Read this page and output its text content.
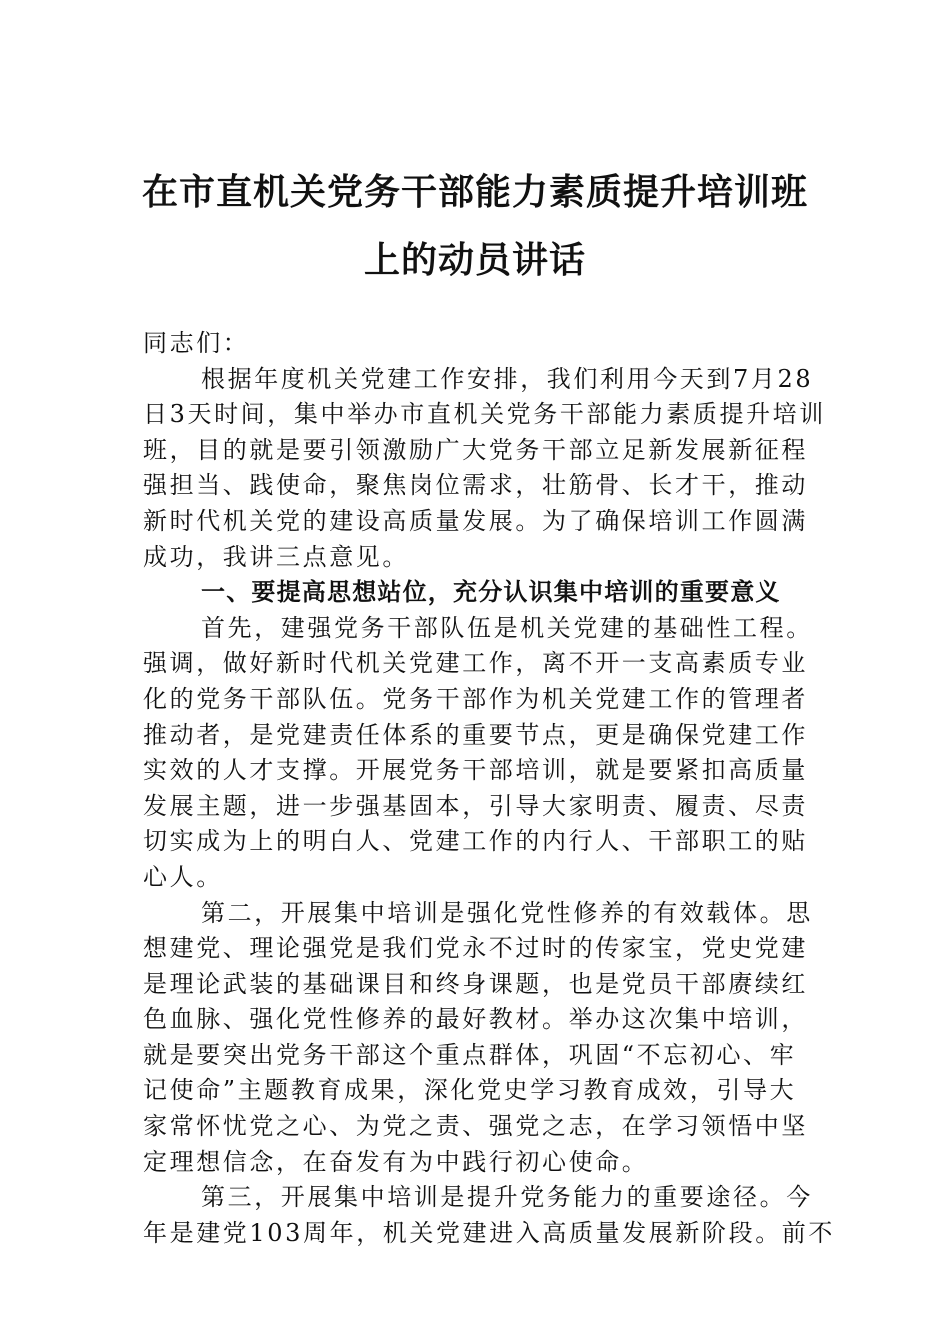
在市直机关党务干部能力素质提升培训班
上的动员讲话
同志们：
根据年度机关党建工作安排，我们利用今天到7月28
日3天时间，集中举办市直机关党务干部能力素质提升培训
班，目的就是要引领激励广大党务干部立足新发展新征程
强担当、践使命，聚焦岗位需求，壮筋骨、长才干，推动
新时代机关党的建设高质量发展。为了确保培训工作圆满
成功，我讲三点意见。
一、要提高思想站位，充分认识集中培训的重要意义
首先，建强党务干部队伍是机关党建的基础性工程。
强调，做好新时代机关党建工作，离不开一支高素质专业
化的党务干部队伍。党务干部作为机关党建工作的管理者
推动者，是党建责任体系的重要节点，更是确保党建工作
实效的人才支撑。开展党务干部培训，就是要紧扣高质量
发展主题，进一步强基固本，引导大家明责、履责、尽责
切实成为上的明白人、党建工作的内行人、干部职工的贴
心人。
第二，开展集中培训是强化党性修养的有效载体。思
想建党、理论强党是我们党永不过时的传家宝，党史党建
是理论武装的基础课目和终身课题，也是党员干部赓续红
色血脉、强化党性修养的最好教材。举办这次集中培训，
就是要突出党务干部这个重点群体，巩固“不忘初心、牢
记使命”主题教育成果，深化党史学习教育成效，引导大
家常怀忧党之心、为党之责、强党之志，在学习领悟中坚
定理想信念，在奋发有为中践行初心使命。
第三，开展集中培训是提升党务能力的重要途径。今
年是建党103周年，机关党建进入高质量发展新阶段。前不
